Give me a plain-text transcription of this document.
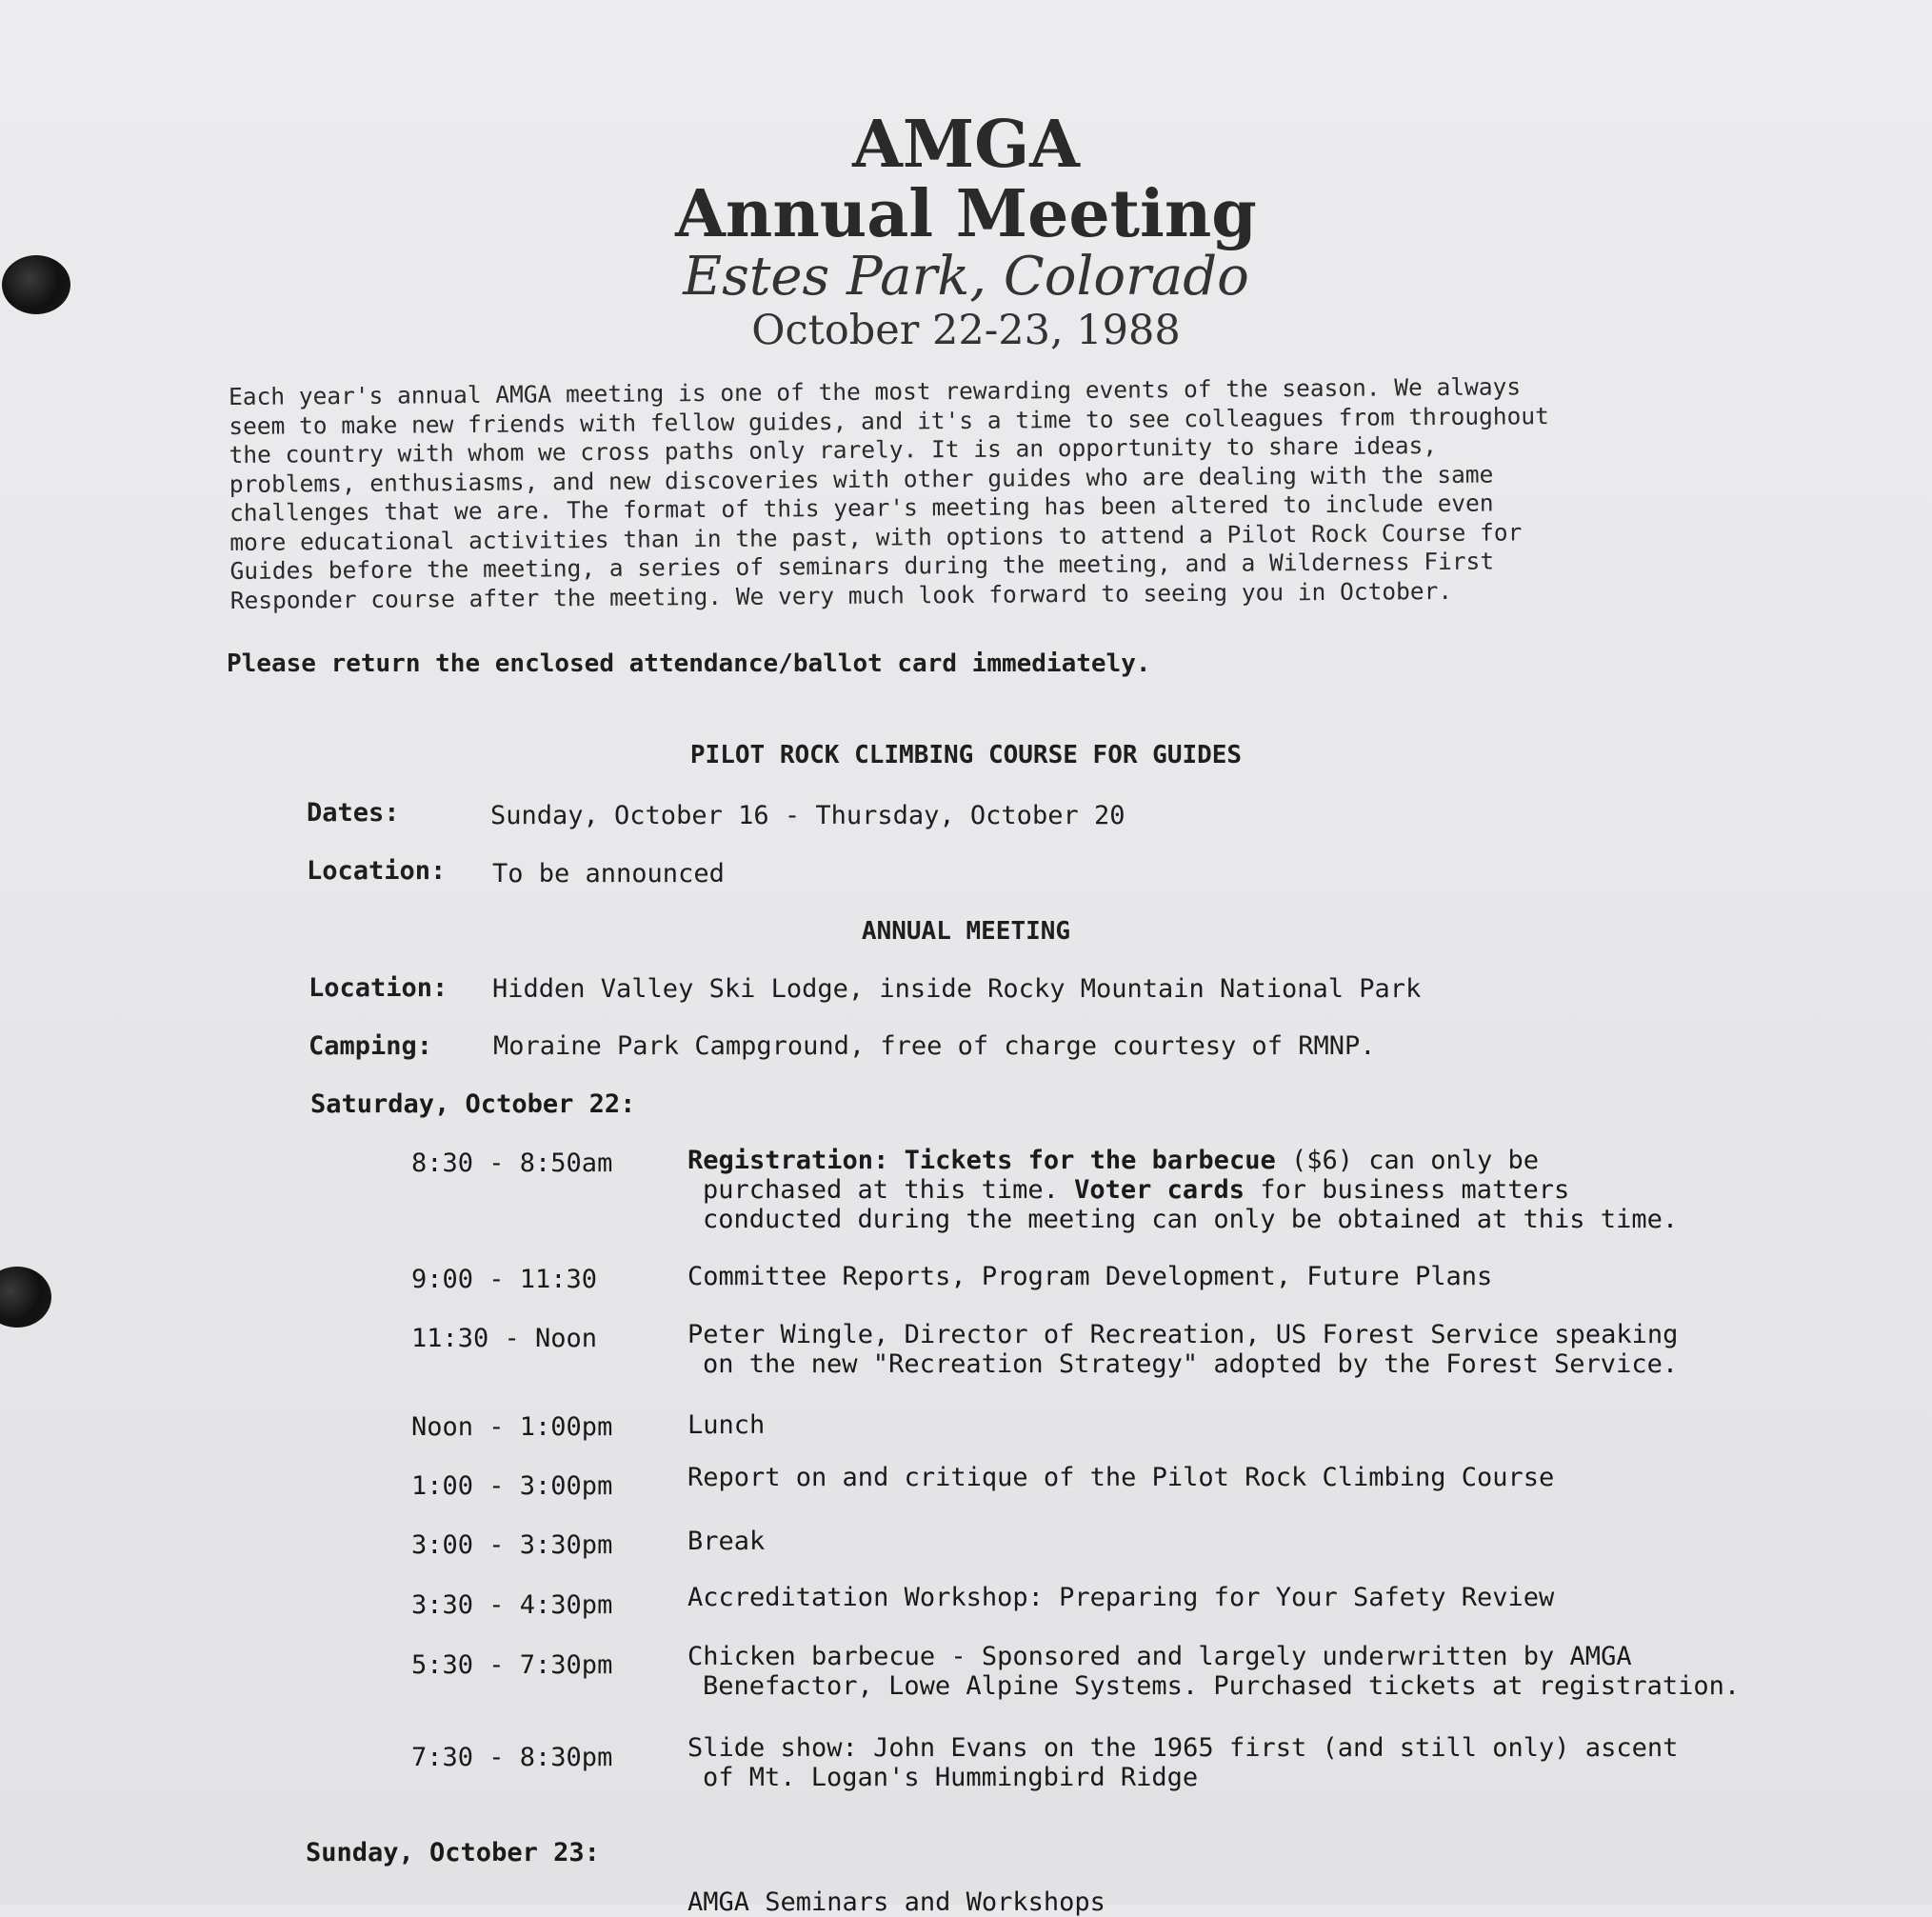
AMGA
Annual Meeting
Estes Park, Colorado
October 22-23, 1988
Each year's annual AMGA meeting is one of the most rewarding events of the season. We always
seem to make new friends with fellow guides, and it's a time to see colleagues from throughout
the country with whom we cross paths only rarely. It is an opportunity to share ideas,
problems, enthusiasms, and new discoveries with other guides who are dealing with the same
challenges that we are. The format of this year's meeting has been altered to include even
more educational activities than in the past, with options to attend a Pilot Rock Course for
Guides before the meeting, a series of seminars during the meeting, and a Wilderness First
Responder course after the meeting. We very much look forward to seeing you in October.
Please return the enclosed attendance/ballot card immediately.
PILOT ROCK CLIMBING COURSE FOR GUIDES
Dates:	Sunday, October 16 - Thursday, October 20
Location: To be announced
ANNUAL MEETING
Location: Hidden Valley Ski Lodge, inside Rocky Mountain National Park
Camping: Moraine Park Campground, free of charge courtesy of RMNP.
Saturday, October 22:
8:30 - 8:50am	Registration: Tickets for the barbecue ($6) can only be
purchased at this time. Voter cards for business matters
conducted during the meeting can only be obtained at this time.
9:00 - 11:30	Committee Reports, Program Development, Future Plans
11:30 - Noon	Peter Wingle, Director of Recreation, US Forest Service speaking
on the new "Recreation Strategy" adopted by the Forest Service.
Noon - 1:00pm	Lunch
1:00 - 3:00pm	Report on and critique of the Pilot Rock Climbing Course
3:00 - 3:30pm	Break
3:30 - 4:30pm	Accreditation Workshop: Preparing for Your Safety Review
5:30 - 7:30pm	Chicken barbecue - Sponsored and largely underwritten by AMGA
Benefactor, Lowe Alpine Systems. Purchased tickets at registration.
7:30 - 8:30pm	Slide show: John Evans on the 1965 first (and still only) ascent
of Mt. Logan's Hummingbird Ridge
Sunday, October 23:
AMGA Seminars and Workshops
